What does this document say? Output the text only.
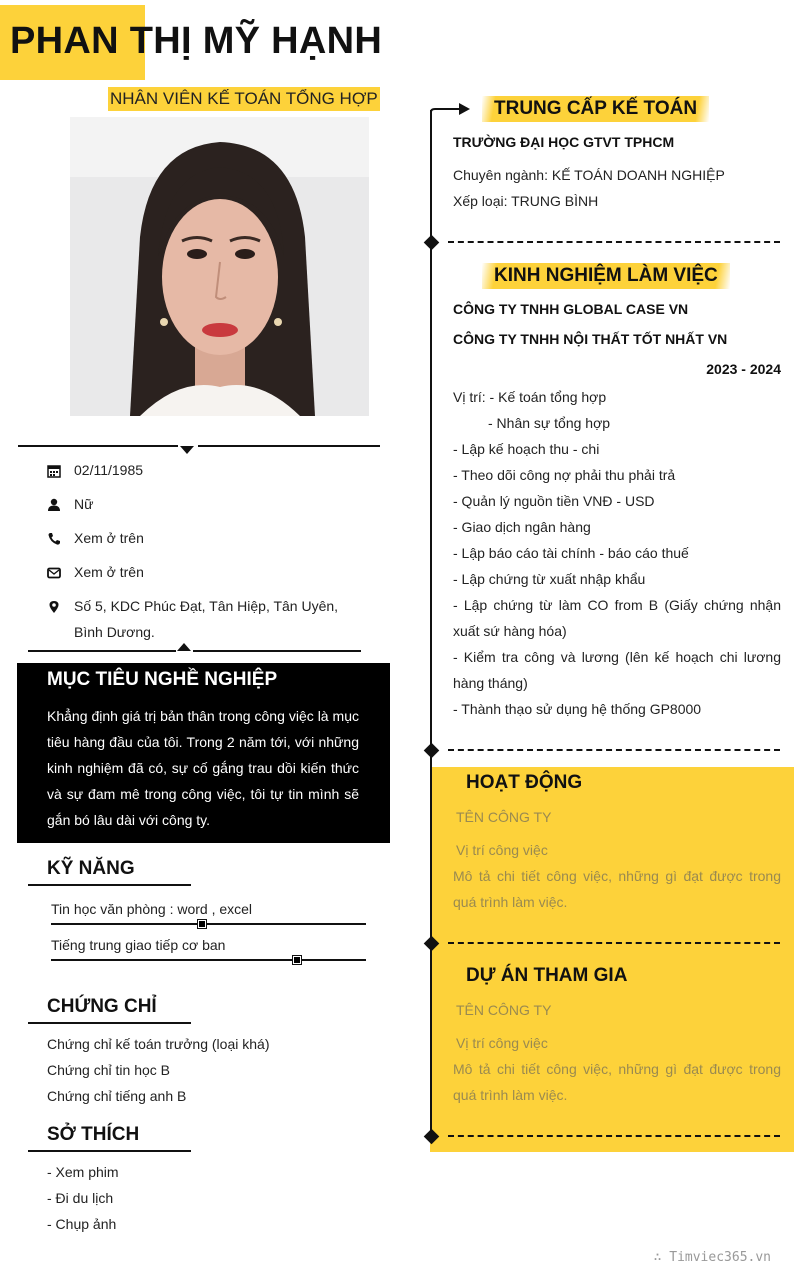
PHAN THỊ MỸ HẠNH
NHÂN VIÊN KẾ TOÁN TỔNG HỢP
02/11/1985
Nữ
Xem ở trên
Xem ở trên
Số 5, KDC Phúc Đạt, Tân Hiệp, Tân Uyên,
Bình Dương.
MỤC TIÊU NGHỀ NGHIỆP
Khẳng định giá trị bản thân trong công việc là mục tiêu hàng đầu của tôi. Trong 2 năm tới, với những kinh nghiệm đã có, sự cố gắng trau dồi kiến thức và sự đam mê trong công việc, tôi tự tin mình sẽ gắn bó lâu dài với công ty.
KỸ NĂNG
Tin học văn phòng : word , excel
Tiếng trung giao tiếp cơ ban
CHỨNG CHỈ
Chứng chỉ kế toán trưởng (loại khá)
Chứng chỉ tin học B
Chứng chỉ tiếng anh B
SỞ THÍCH
- Xem phim
- Đi du lịch
- Chụp ảnh
TRUNG CẤP KẾ TOÁN
TRƯỜNG ĐẠI HỌC GTVT TPHCM
Chuyên ngành: KẾ TOÁN DOANH NGHIỆP
Xếp loại: TRUNG BÌNH
KINH NGHIỆM LÀM VIỆC
CÔNG TY TNHH GLOBAL CASE VN
CÔNG TY TNHH NỘI THẤT TỐT NHẤT VN
2023 - 2024
Vị trí: - Kế toán tổng hợp
- Nhân sự tổng hợp
- Lập kế hoạch thu - chi
- Theo dõi công nợ phải thu phải trả
- Quản lý nguồn tiền VNĐ - USD
- Giao dịch ngân hàng
- Lập báo cáo tài chính - báo cáo thuế
- Lập chứng từ xuất nhập khẩu
- Lập chứng từ làm CO from B (Giấy chứng nhận xuất sứ hàng hóa)
- Kiểm tra công và lương (lên kế hoạch chi lương hàng tháng)
- Thành thạo sử dụng hệ thống GP8000
HOẠT ĐỘNG
TÊN CÔNG TY
Vị trí công việc
Mô tả chi tiết công việc, những gì đạt được trong quá trình làm việc.
DỰ ÁN THAM GIA
TÊN CÔNG TY
Vị trí công việc
Mô tả chi tiết công việc, những gì đạt được trong quá trình làm việc.
∴ Timviec365.vn
